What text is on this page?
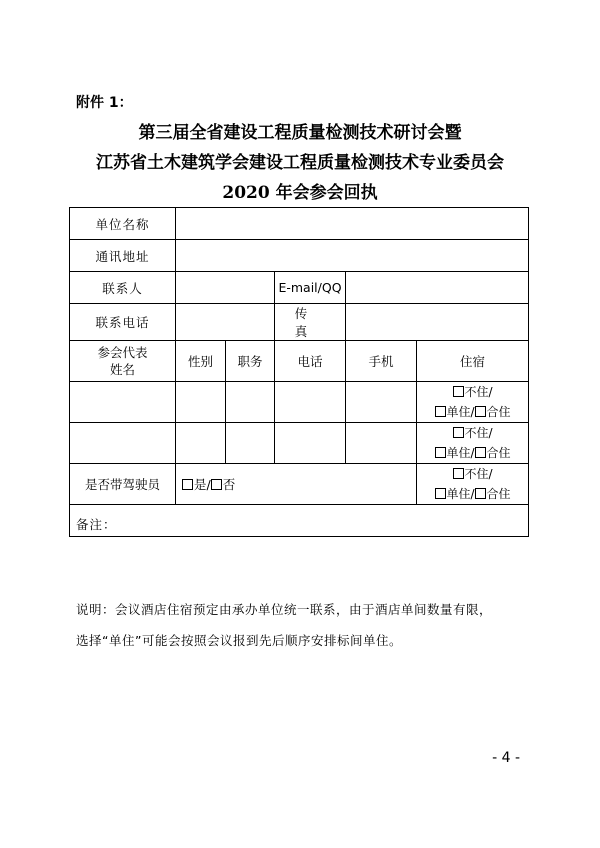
附件 1：
第三届全省建设工程质量检测技术研讨会暨
江苏省土木建筑学会建设工程质量检测技术专业委员会
2020 年会参会回执
单位名称					
通讯地址					
联系人			E-mail/QQ		
联系电话			传 真		
参会代表
姓名	性别	职务	电话	手机	住宿
					不住/
单住/ 合住
					不住/
单住/ 合住
是否带驾驶员	是/ 否				不住/
单住/ 合住

备注：					
说明：会议酒店住宿预定由承办单位统一联系，由于酒店单间数量有限，
选择“单住”可能会按照会议报到先后顺序安排标间单住。
- 4 -
